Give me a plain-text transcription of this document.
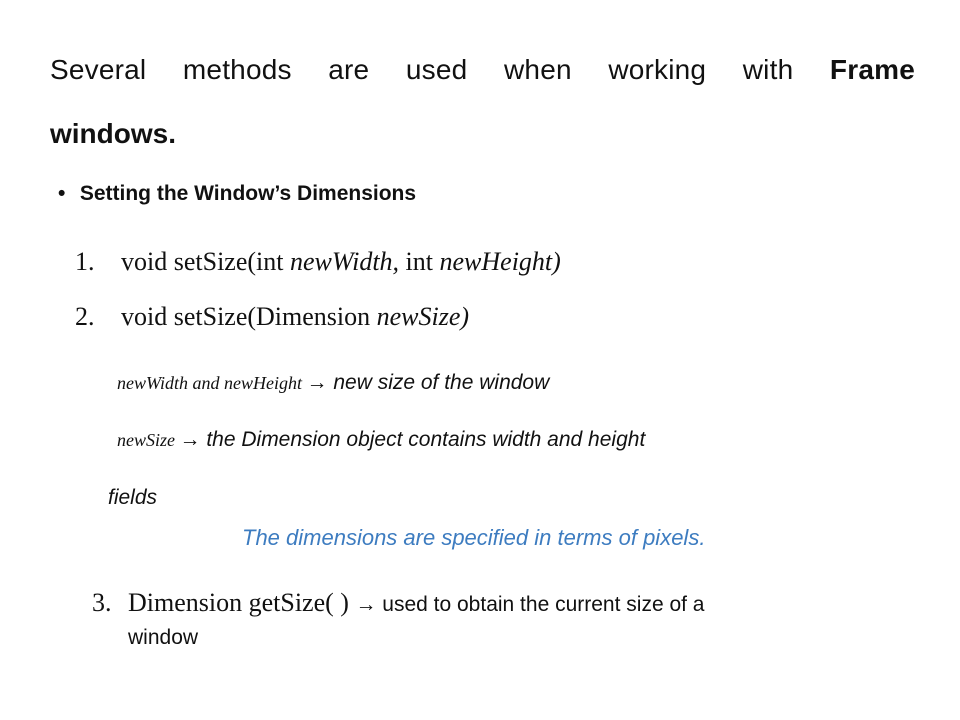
Several methods are used when working with Frame
windows.
• Setting the Window’s Dimensions
1. void setSize(int newWidth, int newHeight)
2. void setSize(Dimension newSize)
newWidth and newHeight → new size of the window
newSize → the Dimension object contains width and height
fields
The dimensions are specified in terms of pixels.
3. Dimension getSize( ) → used to obtain the current size of a
window
